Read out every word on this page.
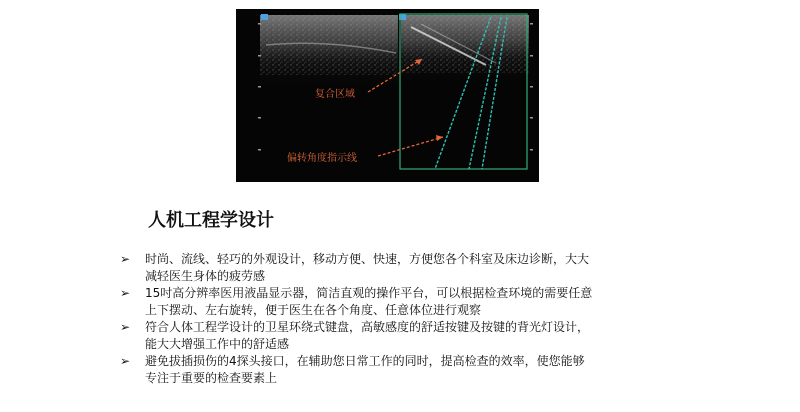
复合区域
偏转角度指示线
人机工程学设计
➢ 时尚、流线、轻巧的外观设计，移动方便、快速，方便您各个科室及床边诊断，大大
减轻医生身体的疲劳感
➢ 15吋高分辨率医用液晶显示器，简洁直观的操作平台，可以根据检查环境的需要任意
上下摆动、左右旋转，便于医生在各个角度、任意体位进行观察
➢ 符合人体工程学设计的卫星环绕式键盘，高敏感度的舒适按键及按键的背光灯设计，
能大大增强工作中的舒适感
➢ 避免拔插损伤的4探头接口，在辅助您日常工作的同时，提高检查的效率，使您能够
专注于重要的检查要素上
